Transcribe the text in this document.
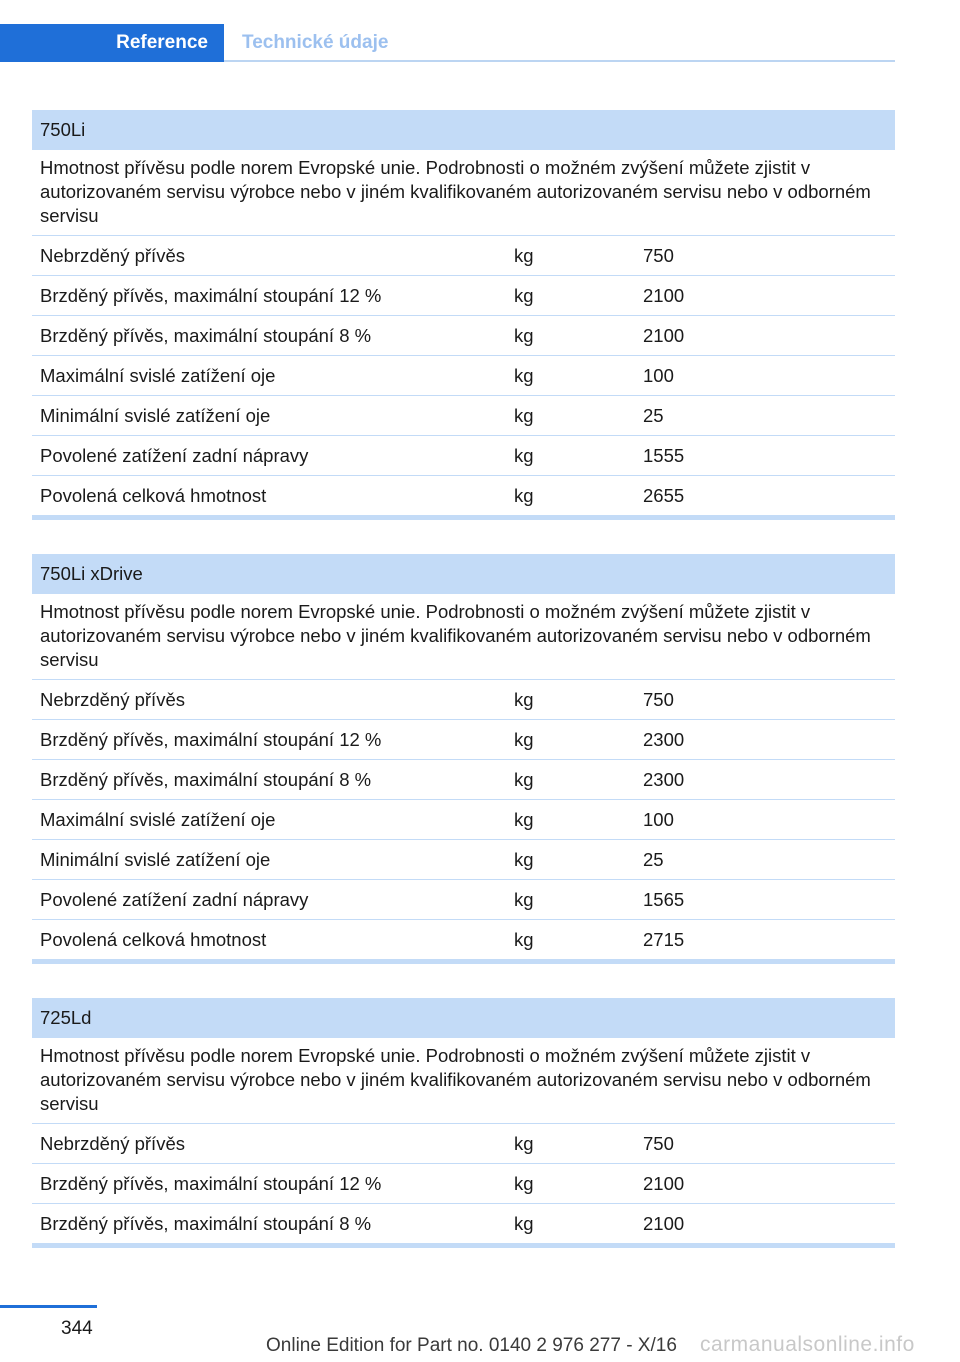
Reference	Technické údaje
750Li
Hmotnost přívěsu podle norem Evropské unie. Podrobnosti o možném zvýšení můžete zjistit v autorizovaném servisu výrobce nebo v jiném kvalifikovaném autorizovaném servisu nebo v odborném servisu
Nebrzděný přívěs	kg	750
Brzděný přívěs, maximální stoupání 12 %	kg	2100
Brzděný přívěs, maximální stoupání 8 %	kg	2100
Maximální svislé zatížení oje	kg	100
Minimální svislé zatížení oje	kg	25
Povolené zatížení zadní nápravy	kg	1555
Povolená celková hmotnost	kg	2655
750Li xDrive
Hmotnost přívěsu podle norem Evropské unie. Podrobnosti o možném zvýšení můžete zjistit v autorizovaném servisu výrobce nebo v jiném kvalifikovaném autorizovaném servisu nebo v odborném servisu
Nebrzděný přívěs	kg	750
Brzděný přívěs, maximální stoupání 12 %	kg	2300
Brzděný přívěs, maximální stoupání 8 %	kg	2300
Maximální svislé zatížení oje	kg	100
Minimální svislé zatížení oje	kg	25
Povolené zatížení zadní nápravy	kg	1565
Povolená celková hmotnost	kg	2715
725Ld
Hmotnost přívěsu podle norem Evropské unie. Podrobnosti o možném zvýšení můžete zjistit v autorizovaném servisu výrobce nebo v jiném kvalifikovaném autorizovaném servisu nebo v odborném servisu
Nebrzděný přívěs	kg	750
Brzděný přívěs, maximální stoupání 12 %	kg	2100
Brzděný přívěs, maximální stoupání 8 %	kg	2100
344
Online Edition for Part no. 0140 2 976 277 - X/16 carmanualsonline.info
